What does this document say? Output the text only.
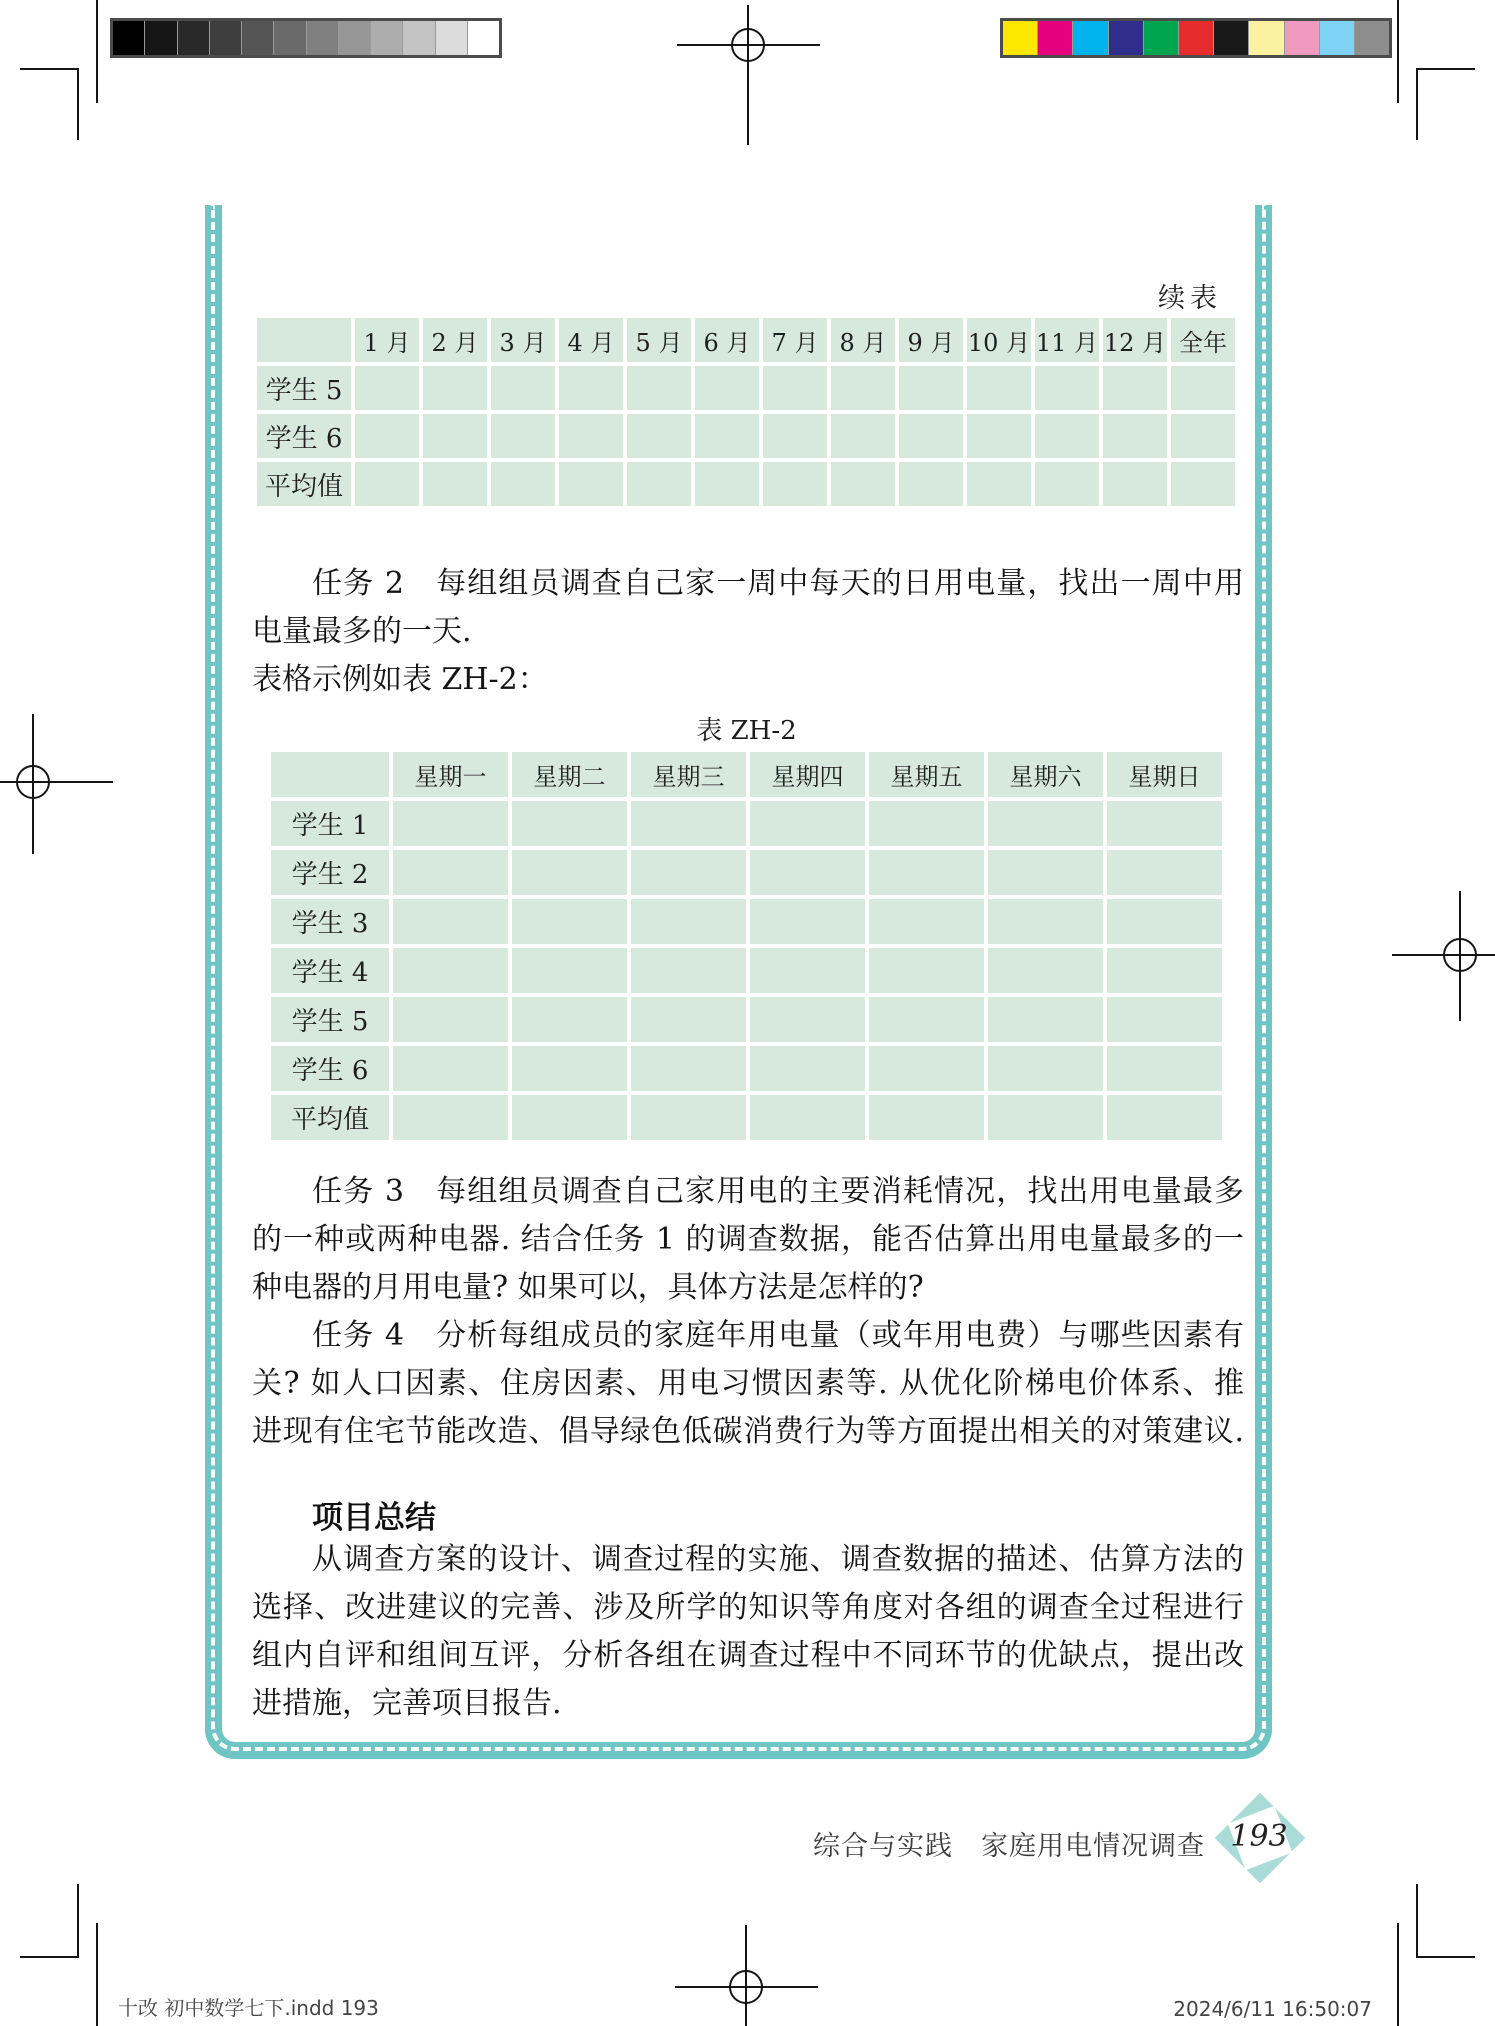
续表
	1 月	2 月	3 月	4 月	5 月	6 月	7 月	8 月	9 月	10 月	11 月	12 月	全年
学生 5													
学生 6													
平均值													
任务 2　每组组员调查自己家一周中每天的日用电量，找出一周中用
电量最多的一天.
表格示例如表 ZH-2：
表 ZH-2
	星期一	星期二	星期三	星期四	星期五	星期六	星期日
学生 1							
学生 2							
学生 3							
学生 4							
学生 5							
学生 6							
平均值							
任务 3　每组组员调查自己家用电的主要消耗情况，找出用电量最多
的一种或两种电器. 结合任务 1 的调查数据，能否估算出用电量最多的一
种电器的月用电量? 如果可以，具体方法是怎样的?
任务 4　分析每组成员的家庭年用电量（或年用电费）与哪些因素有
关? 如人口因素、住房因素、用电习惯因素等. 从优化阶梯电价体系、推
进现有住宅节能改造、倡导绿色低碳消费行为等方面提出相关的对策建议.
项目总结
从调查方案的设计、调查过程的实施、调查数据的描述、估算方法的
选择、改进建议的完善、涉及所学的知识等角度对各组的调查全过程进行
组内自评和组间互评，分析各组在调查过程中不同环节的优缺点，提出改
进措施，完善项目报告.
综合与实践　家庭用电情况调查 193
十改 初中数学七下.indd 193	2024/6/11 16:50:07
